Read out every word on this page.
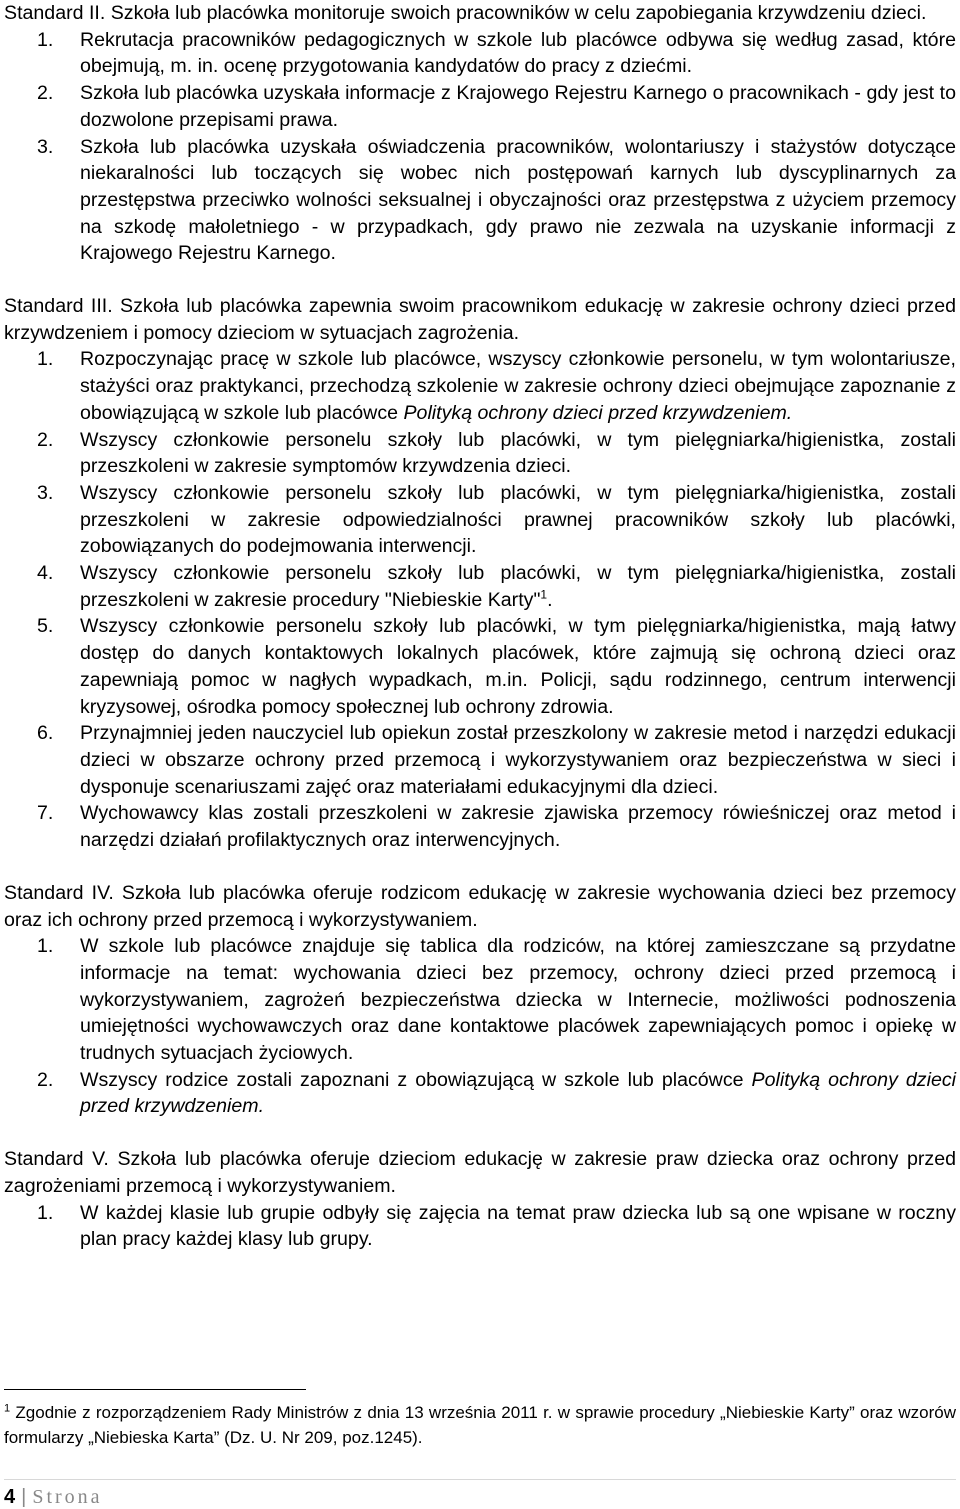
Standard II. Szkoła lub placówka monitoruje swoich pracowników w celu zapobiegania krzywdzeniu dzieci.

1. Rekrutacja pracowników pedagogicznych w szkole lub placówce odbywa się według zasad, które obejmują, m. in. ocenę przygotowania kandydatów do pracy z dziećmi.
2. Szkoła lub placówka uzyskała informacje z Krajowego Rejestru Karnego o pracownikach - gdy jest to dozwolone przepisami prawa.
3. Szkoła lub placówka uzyskała oświadczenia pracowników, wolontariuszy i stażystów dotyczące niekaralności lub toczących się wobec nich postępowań karnych lub dyscyplinarnych za przestępstwa przeciwko wolności seksualnej i obyczajności oraz przestępstwa z użyciem przemocy na szkodę małoletniego - w przypadkach, gdy prawo nie zezwala na uzyskanie informacji z Krajowego Rejestru Karnego.

Standard III. Szkoła lub placówka zapewnia swoim pracownikom edukację w zakresie ochrony dzieci przed krzywdzeniem i pomocy dzieciom w sytuacjach zagrożenia.

1. Rozpoczynając pracę w szkole lub placówce, wszyscy członkowie personelu, w tym wolontariusze, stażyści oraz praktykanci, przechodzą szkolenie w zakresie ochrony dzieci obejmujące zapoznanie z obowiązującą w szkole lub placówce Polityką ochrony dzieci przed krzywdzeniem.
2. Wszyscy członkowie personelu szkoły lub placówki, w tym pielęgniarka/higienistka, zostali przeszkoleni w zakresie symptomów krzywdzenia dzieci.
3. Wszyscy członkowie personelu szkoły lub placówki, w tym pielęgniarka/higienistka, zostali przeszkoleni w zakresie odpowiedzialności prawnej pracowników szkoły lub placówki, zobowiązanych do podejmowania interwencji.
4. Wszyscy członkowie personelu szkoły lub placówki, w tym pielęgniarka/higienistka, zostali przeszkoleni w zakresie procedury "Niebieskie Karty"$^1$.
5. Wszyscy członkowie personelu szkoły lub placówki, w tym pielęgniarka/higienistka, mają łatwy dostęp do danych kontaktowych lokalnych placówek, które zajmują się ochroną dzieci oraz zapewniają pomoc w nagłych wypadkach, m.in. Policji, sądu rodzinnego, centrum interwencji kryzysowej, ośrodka pomocy społecznej lub ochrony zdrowia.
6. Przynajmniej jeden nauczyciel lub opiekun został przeszkolony w zakresie metod i narzędzi edukacji dzieci w obszarze ochrony przed przemocą i wykorzystywaniem oraz bezpieczeństwa w sieci i dysponuje scenariuszami zajęć oraz materiałami edukacyjnymi dla dzieci.
7. Wychowawcy klas zostali przeszkoleni w zakresie zjawiska przemocy rówieśniczej oraz metod i narzędzi działań profilaktycznych oraz interwencyjnych.

Standard IV. Szkoła lub placówka oferuje rodzicom edukację w zakresie wychowania dzieci bez przemocy oraz ich ochrony przed przemocą i wykorzystywaniem.

1. W szkole lub placówce znajduje się tablica dla rodziców, na której zamieszczane są przydatne informacje na temat: wychowania dzieci bez przemocy, ochrony dzieci przed przemocą i wykorzystywaniem, zagrożeń bezpieczeństwa dziecka w Internecie, możliwości podnoszenia umiejętności wychowawczych oraz dane kontaktowe placówek zapewniających pomoc i opiekę w trudnych sytuacjach życiowych.
2. Wszyscy rodzice zostali zapoznani z obowiązującą w szkole lub placówce Polityką ochrony dzieci przed krzywdzeniem.

Standard V. Szkoła lub placówka oferuje dzieciom edukację w zakresie praw dziecka oraz ochrony przed zagrożeniami przemocą i wykorzystywaniem.

1. W każdej klasie lub grupie odbyły się zajęcia na temat praw dziecka lub są one wpisane w roczny plan pracy każdej klasy lub grupy.
$^1$ Zgodnie z rozporządzeniem Rady Ministrów z dnia 13 września 2011 r. w sprawie procedury „Niebieskie Karty” oraz wzorów formularzy „Niebieska Karta” (Dz. U. Nr 209, poz.1245).
4 | Strona
